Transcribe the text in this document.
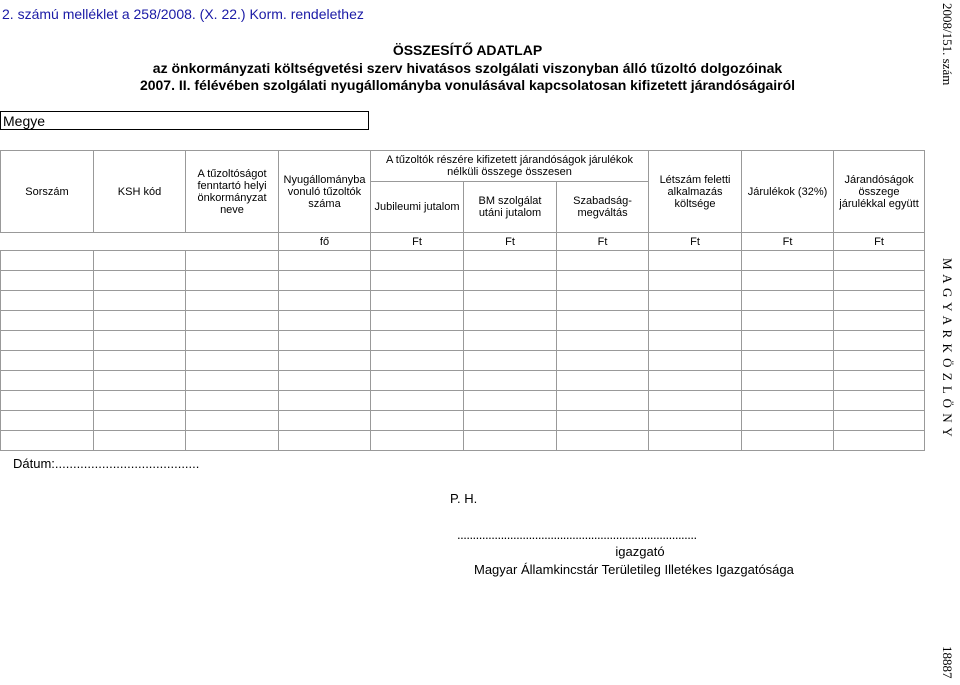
2. számú melléklet a 258/2008. (X. 22.) Korm. rendelethez
ÖSSZESÍTŐ ADATLAP
az önkormányzati költségvetési szerv hivatásos szolgálati viszonyban álló tűzoltó dolgozóinak
2007. II. félévében szolgálati nyugállományba vonulásával kapcsolatosan kifizetett járandóságairól	2008/151. szám
M A G Y A R K Ö Z L Ö N Y
18887
Megye
Sorszám	KSH kód	A tűzoltóságot fenntartó helyi önkormányzat neve	Nyugállományba vonuló tűzoltók száma	A tűzoltók részére kifizetett járandóságok járulékok nélküli összege összesen			Létszám feletti alkalmazás költsége	Járulékok (32%)	Járandóságok összege járulékkal együtt
				Jubileumi jutalom	BM szolgálat utáni jutalom	Szabadság-megváltás			
			fő	Ft	Ft	Ft	Ft	Ft	Ft

Dátum:........................................
P. H.
.............................................................................
igazgató
Magyar Államkincstár Területileg Illetékes Igazgatósága
